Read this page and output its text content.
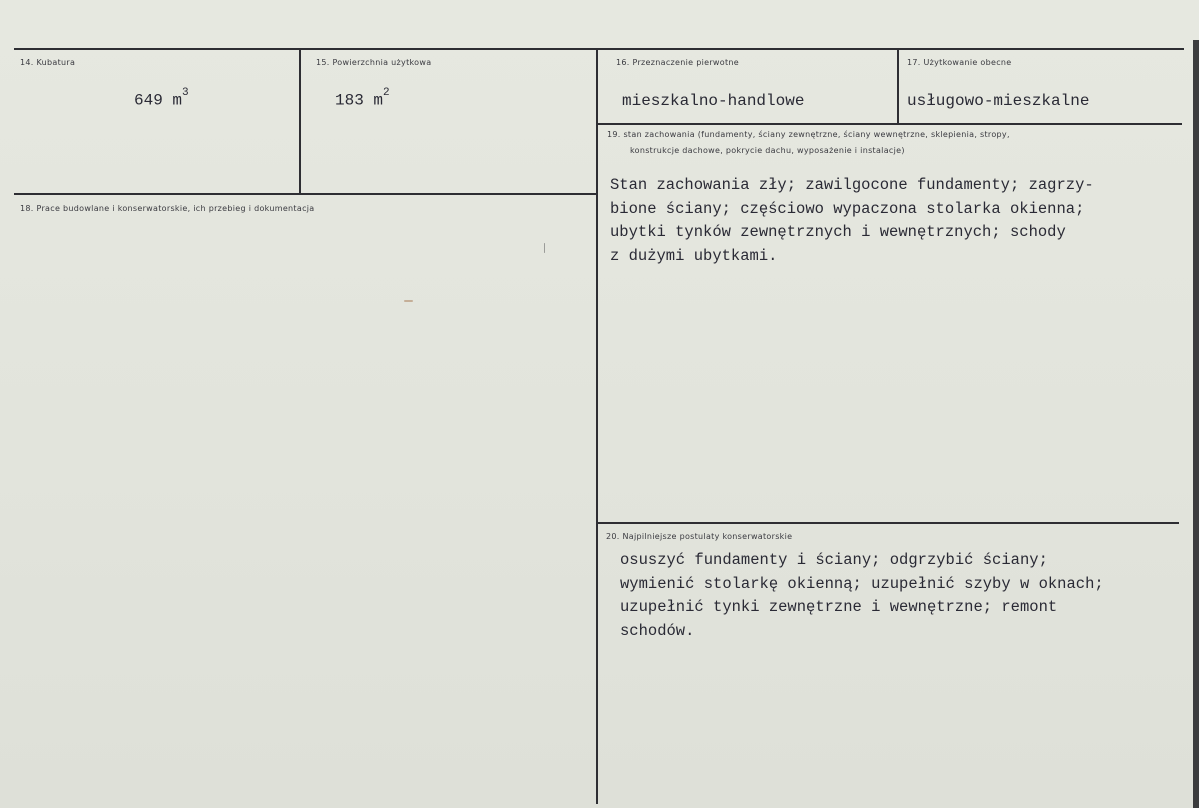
14. Kubatura
649 $m^3$
15. Powierzchnia użytkowa
183 $m^2$
16. Przeznaczenie pierwotne
mieszkalno-handlowe
17. Użytkowanie obecne
usługowo-mieszkalne
18. Prace budowlane i konserwatorskie, ich przebieg i dokumentacja
19. stan zachowania (fundamenty, ściany zewnętrzne, ściany wewnętrzne, sklepienia, stropy,
konstrukcje dachowe, pokrycie dachu, wyposażenie i instalacje)
Stan zachowania zły; zawilgocone fundamenty; zagrzy-
bione ściany; częściowo wypaczona stolarka okienna;
ubytki tynków zewnętrznych i wewnętrznych; schody
z dużymi ubytkami.
20. Najpilniejsze postulaty konserwatorskie
osuszyć fundamenty i ściany; odgrzybić ściany;
wymienić stolarkę okienną; uzupełnić szyby w oknach;
uzupełnić tynki zewnętrzne i wewnętrzne; remont
schodów.
